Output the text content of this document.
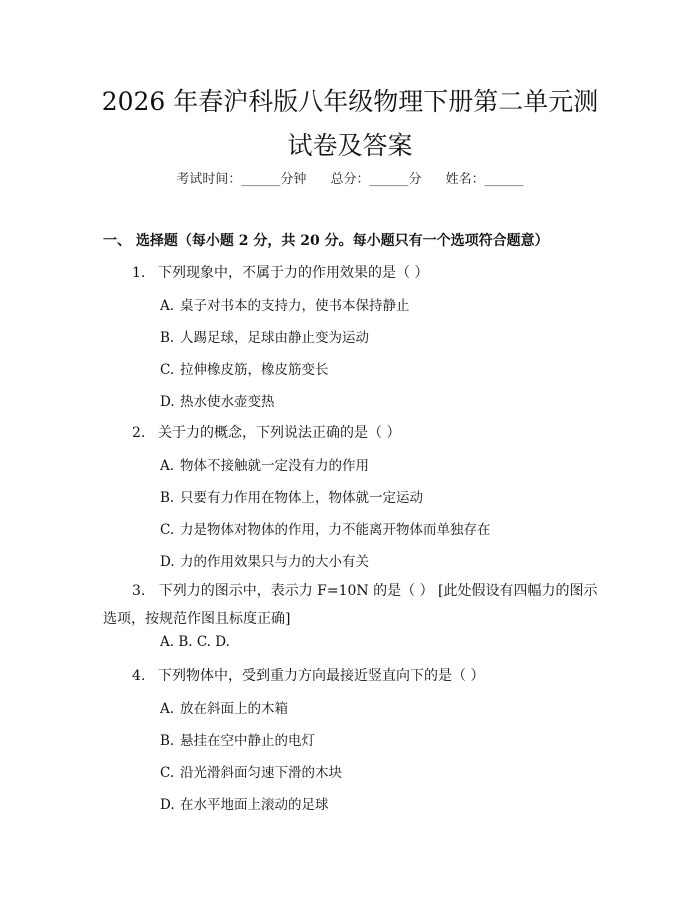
2026 年春沪科版八年级物理下册第二单元测
试卷及答案
考试时间：______分钟 总分：______分 姓名：______
一、 选择题（每小题 2 分，共 20 分。每小题只有一个选项符合题意）
1. 下列现象中，不属于力的作用效果的是（ ）
A. 桌子对书本的支持力，使书本保持静止
B. 人踢足球，足球由静止变为运动
C. 拉伸橡皮筋，橡皮筋变长
D. 热水使水壶变热
2. 关于力的概念，下列说法正确的是（ ）
A. 物体不接触就一定没有力的作用
B. 只要有力作用在物体上，物体就一定运动
C. 力是物体对物体的作用，力不能离开物体而单独存在
D. 力的作用效果只与力的大小有关
3. 下列力的图示中，表示力 F=10N 的是（ ） [此处假设有四幅力的图示选项，按规范作图且标度正确]
A. B. C. D.
4. 下列物体中，受到重力方向最接近竖直向下的是（ ）
A. 放在斜面上的木箱
B. 悬挂在空中静止的电灯
C. 沿光滑斜面匀速下滑的木块
D. 在水平地面上滚动的足球
